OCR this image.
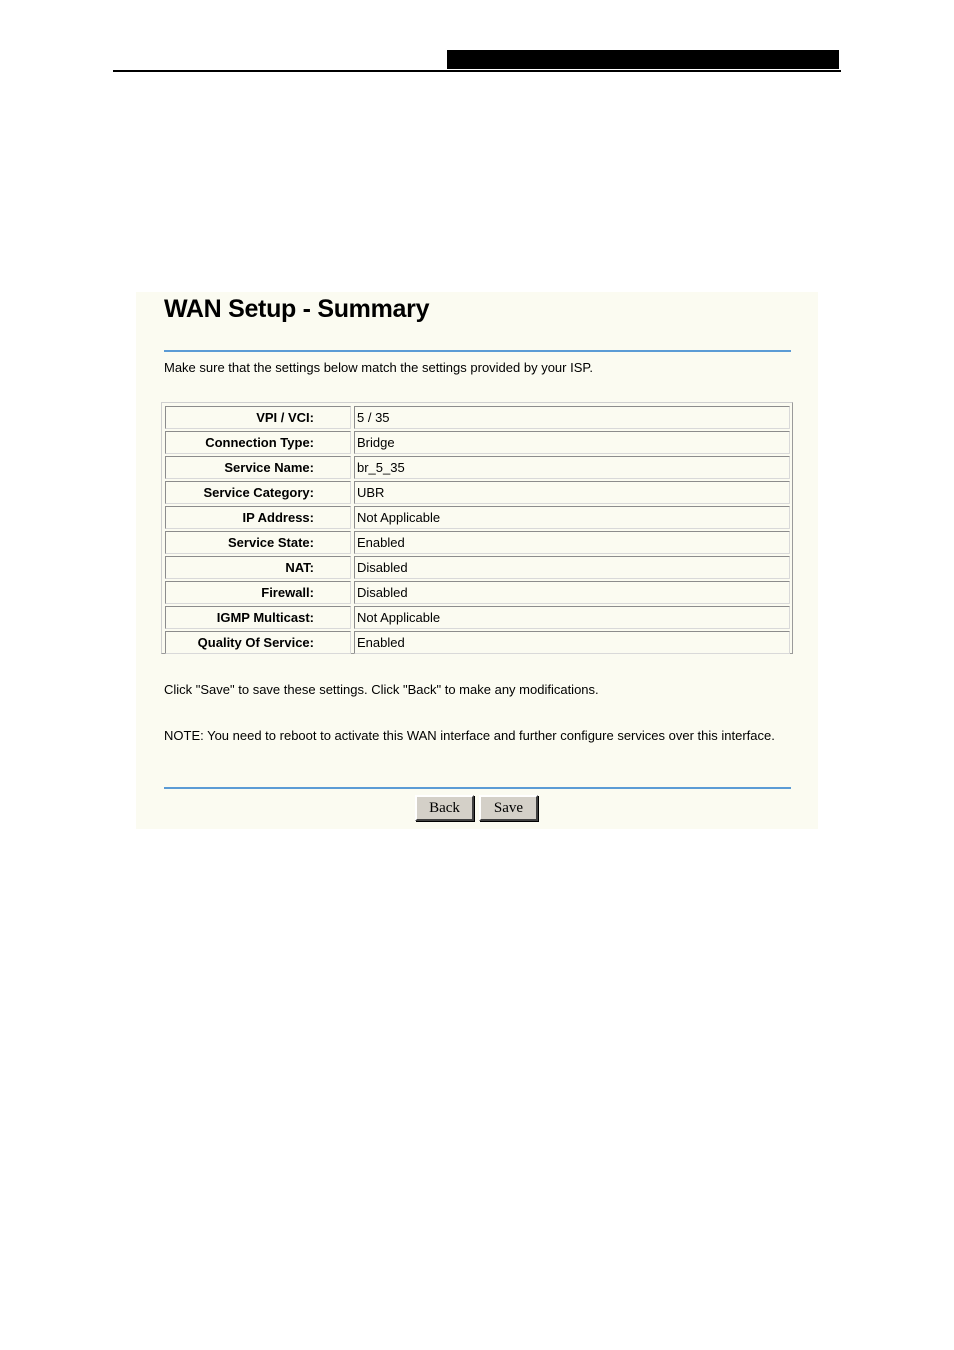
WAN Setup - Summary
Make sure that the settings below match the settings provided by your ISP.
VPI / VCI:	5 / 35
Connection Type:	Bridge
Service Name:	br_5_35
Service Category:	UBR
IP Address:	Not Applicable
Service State:	Enabled
NAT:	Disabled
Firewall:	Disabled
IGMP Multicast:	Not Applicable
Quality Of Service:	Enabled
Click "Save" to save these settings. Click "Back" to make any modifications.
NOTE: You need to reboot to activate this WAN interface and further configure services over this interface.
Back	Save
